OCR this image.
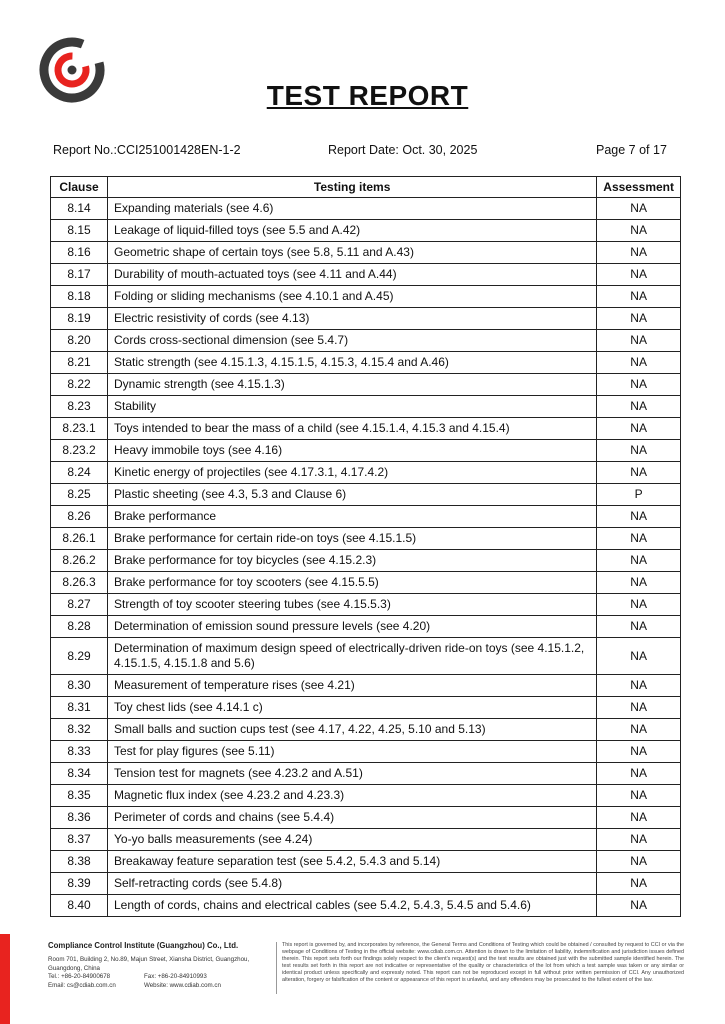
TEST REPORT
Report No.:CCI251001428EN-1-2	Report Date: Oct. 30, 2025	Page 7 of 17
Clause	Testing items	Assessment
8.14	Expanding materials (see 4.6)	NA
8.15	Leakage of liquid-filled toys (see 5.5 and A.42)	NA
8.16	Geometric shape of certain toys (see 5.8, 5.11 and A.43)	NA
8.17	Durability of mouth-actuated toys (see 4.11 and A.44)	NA
8.18	Folding or sliding mechanisms (see 4.10.1 and A.45)	NA
8.19	Electric resistivity of cords (see 4.13)	NA
8.20	Cords cross-sectional dimension (see 5.4.7)	NA
8.21	Static strength (see 4.15.1.3, 4.15.1.5, 4.15.3, 4.15.4 and A.46)	NA
8.22	Dynamic strength (see 4.15.1.3)	NA
8.23	Stability	NA
8.23.1	Toys intended to bear the mass of a child (see 4.15.1.4, 4.15.3 and 4.15.4)	NA
8.23.2	Heavy immobile toys (see 4.16)	NA
8.24	Kinetic energy of projectiles (see 4.17.3.1, 4.17.4.2)	NA
8.25	Plastic sheeting (see 4.3, 5.3 and Clause 6)	P
8.26	Brake performance	NA
8.26.1	Brake performance for certain ride-on toys (see 4.15.1.5)	NA
8.26.2	Brake performance for toy bicycles (see 4.15.2.3)	NA
8.26.3	Brake performance for toy scooters (see 4.15.5.5)	NA
8.27	Strength of toy scooter steering tubes (see 4.15.5.3)	NA
8.28	Determination of emission sound pressure levels (see 4.20)	NA
8.29	Determination of maximum design speed of electrically-driven ride-on toys (see 4.15.1.2, 4.15.1.5, 4.15.1.8 and 5.6)	NA
8.30	Measurement of temperature rises (see 4.21)	NA
8.31	Toy chest lids (see 4.14.1 c)	NA
8.32	Small balls and suction cups test (see 4.17, 4.22, 4.25, 5.10 and 5.13)	NA
8.33	Test for play figures (see 5.11)	NA
8.34	Tension test for magnets (see 4.23.2 and A.51)	NA
8.35	Magnetic flux index (see 4.23.2 and 4.23.3)	NA
8.36	Perimeter of cords and chains (see 5.4.4)	NA
8.37	Yo-yo balls measurements (see 4.24)	NA
8.38	Breakaway feature separation test (see 5.4.2, 5.4.3 and 5.14)	NA
8.39	Self-retracting cords (see 5.4.8)	NA
8.40	Length of cords, chains and electrical cables (see 5.4.2, 5.4.3, 5.4.5 and 5.4.6)	NA
Compliance Control Institute (Guangzhou) Co., Ltd.
Room 701, Building 2, No.89, Majun Street, Xiansha District, Guangzhou,
Guangdong, China
Tel.: +86-20-84900678	Fax: +86-20-84910993
Email: cs@cdiab.com.cn	Website: www.cdiab.com.cn
This report is governed by, and incorporates by reference, the General Terms and Conditions of Testing which could be obtained / consulted by request to CCI or via the webpage of Conditions of Testing in the official website: www.cdiab.com.cn. Attention is drawn to the limitation of liability, indemnification and jurisdiction issues defined therein. This report sets forth our findings solely respect to the client's request(s) and the test results are obtained just with the submitted sample identified herein. The test results set forth in this report are not indicative or representative of the quality or characteristics of the lot from which a test sample was taken or any similar or identical product unless specifically and expressly noted. This report can not be reproduced except in full without prior written permission of CCI. Any unauthorized alteration, forgery or falsification of the content or appearance of this report is unlawful, and any offenders may be prosecuted to the fullest extent of the law.
